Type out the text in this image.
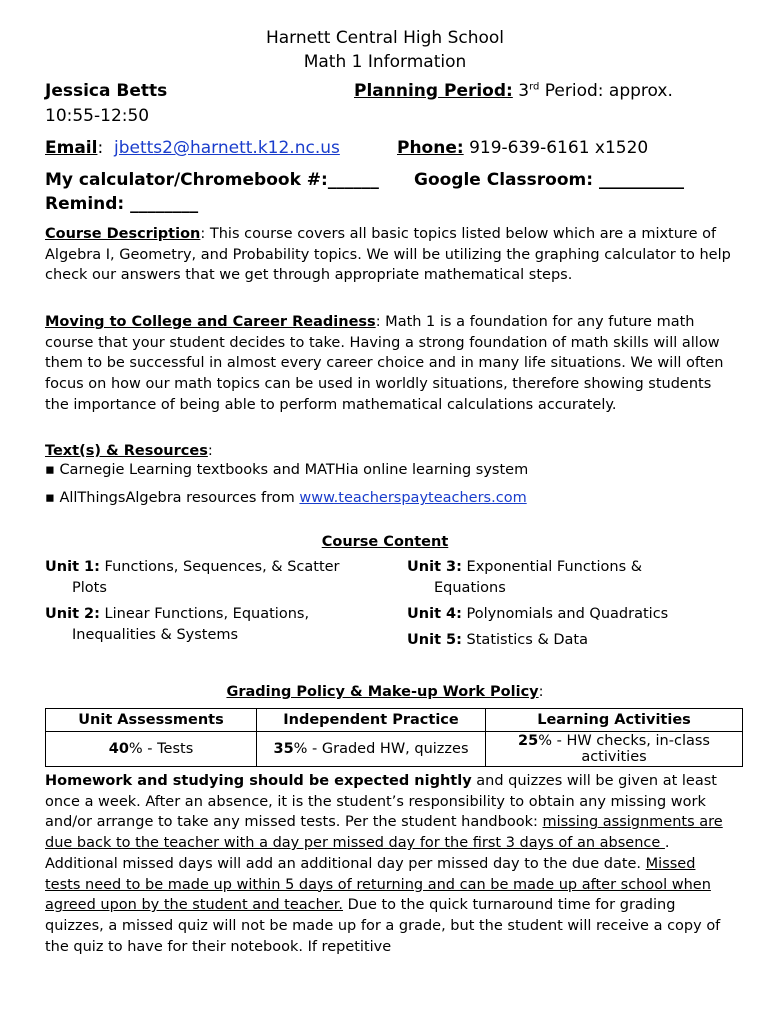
Harnett Central High School
Math 1 Information
Jessica Betts	Planning Period: 3rd Period: approx.
10:55-12:50
Email:  jbetts2@harnett.k12.nc.us	Phone: 919-639-6161 x1520
My calculator/Chromebook #:______ Google Classroom: __________
Remind: ________
Course Description: This course covers all basic topics listed below which are a mixture of Algebra I, Geometry, and Probability topics. We will be utilizing the graphing calculator to help check our answers that we get through appropriate mathematical steps.
Moving to College and Career Readiness: Math 1 is a foundation for any future math course that your student decides to take. Having a strong foundation of math skills will allow them to be successful in almost every career choice and in many life situations. We will often focus on how our math topics can be used in worldly situations, therefore showing students the importance of being able to perform mathematical calculations accurately.
Text(s) & Resources:
▪ Carnegie Learning textbooks and MATHia online learning system
▪ AllThingsAlgebra resources from www.teacherspayteachers.com
Course Content
Unit 1: Functions, Sequences, & Scatter
Plots
Unit 2: Linear Functions, Equations,
Inequalities & Systems
Unit 3: Exponential Functions &
Equations
Unit 4: Polynomials and Quadratics
Unit 5: Statistics & Data
Grading Policy & Make-up Work Policy:
Unit Assessments	Independent Practice	Learning Activities
40% - Tests	35% - Graded HW, quizzes	25% - HW checks, in-class activities
Homework and studying should be expected nightly and quizzes will be given at least once a week. After an absence, it is the student’s responsibility to obtain any missing work and/or arrange to take any missed tests. Per the student handbook: missing assignments are due back to the teacher with a day per missed day for the first 3 days of an absence . Additional missed days will add an additional day per missed day to the due date. Missed tests need to be made up within 5 days of returning and can be made up after school when agreed upon by the student and teacher. Due to the quick turnaround time for grading quizzes, a missed quiz will not be made up for a grade, but the student will receive a copy of the quiz to have for their notebook. If repetitive
